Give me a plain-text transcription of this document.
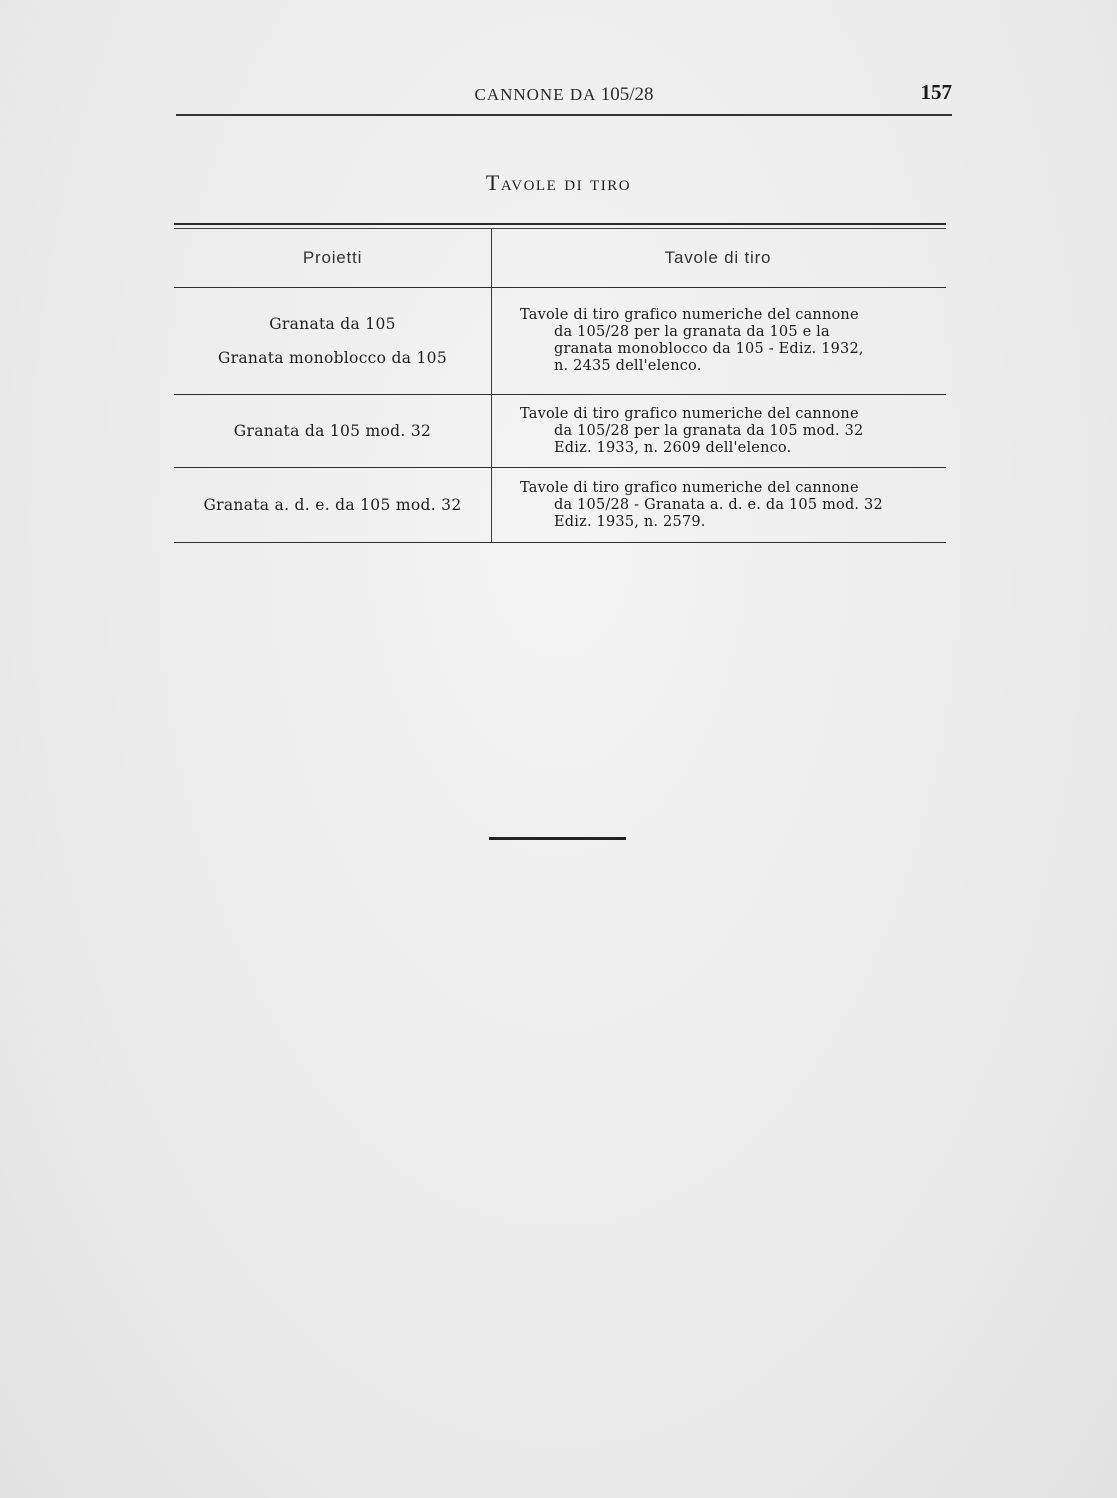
CANNONE DA 105/28	157
Tavole di tiro
Proietti	Tavole di tiro
Granata da 105
Granata monoblocco da 105
Tavole di tiro grafico numeriche del cannone
da 105/28 per la granata da 105 e la
granata monoblocco da 105 - Ediz. 1932,
n. 2435 dell'elenco.
Granata da 105 mod. 32
Tavole di tiro grafico numeriche del cannone
da 105/28 per la granata da 105 mod. 32
Ediz. 1933, n. 2609 dell'elenco.
Granata a. d. e. da 105 mod. 32
Tavole di tiro grafico numeriche del cannone
da 105/28 - Granata a. d. e. da 105 mod. 32
Ediz. 1935, n. 2579.
